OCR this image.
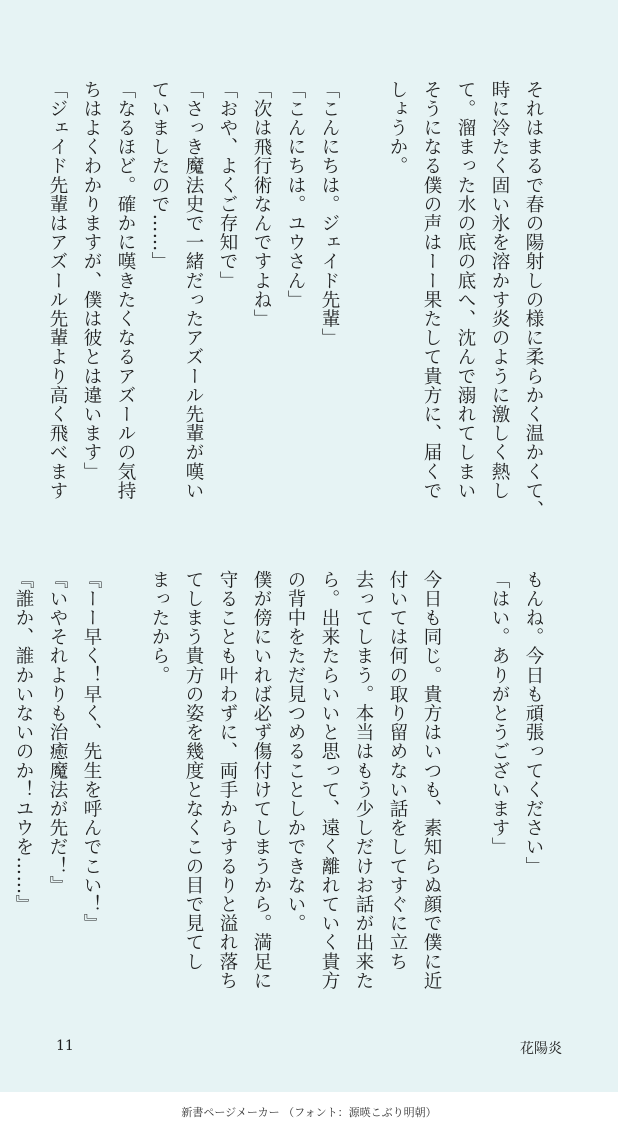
それはまるで春の陽射しの様に柔らかく温かくて、
時に冷たく固い氷を溶かす炎のように激しく熱し
て。溜まった水の底の底へ、沈んで溺れてしまい
そうになる僕の声はーー果たして貴方に、届くで
しょうか。

「こんにちは。ジェイド先輩」
「こんにちは。ユウさん」
「次は飛行術なんですよね」
「おや、よくご存知で」
「さっき魔法史で一緒だったアズール先輩が嘆い
ていましたので……」
「なるほど。確かに嘆きたくなるアズールの気持
ちはよくわかりますが、僕は彼とは違います」
「ジェイド先輩はアズール先輩より高く飛べます
もんね。今日も頑張ってください」
「はい。ありがとうございます」

今日も同じ。貴方はいつも、素知らぬ顔で僕に近
付いては何の取り留めない話をしてすぐに立ち
去ってしまう。本当はもう少しだけお話が出来た
ら。出来たらいいと思って、遠く離れていく貴方
の背中をただ見つめることしかできない。
僕が傍にいれば必ず傷付けてしまうから。満足に
守ることも叶わずに、両手からするりと溢れ落ち
てしまう貴方の姿を幾度となくこの目で見てし
まったから。

『ーー早く！早く、先生を呼んでこい！』
『いやそれよりも治癒魔法が先だ！』
『誰か、誰かいないのか！ユウを……』
11	花陽炎
新書ページメーカー （フォント：源暎こぶり明朝）
